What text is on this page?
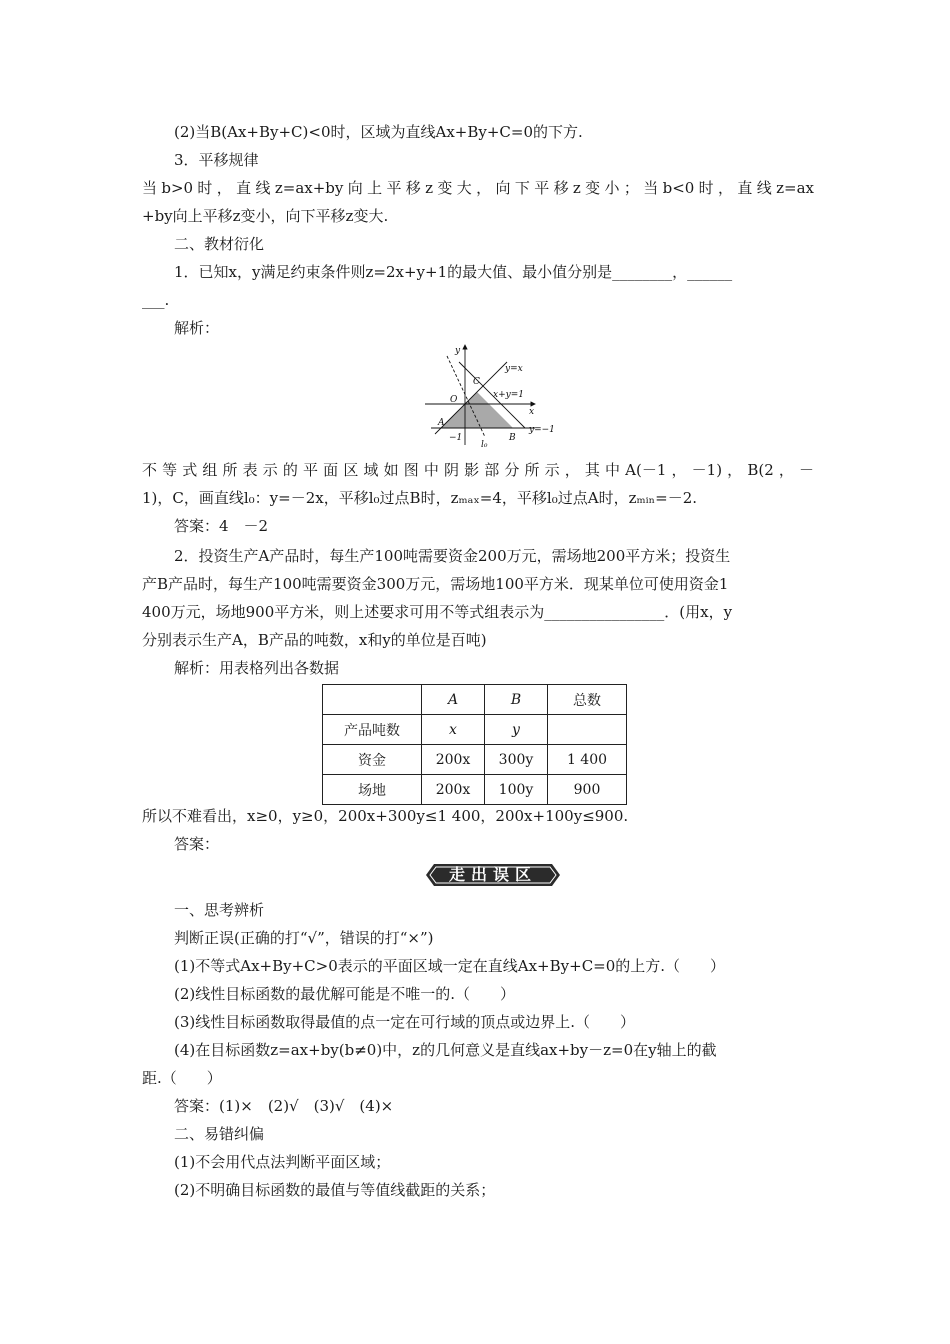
(2)当B(Ax+By+C)<0时，区域为直线Ax+By+C=0的下方.
3．平移规律
当b>0时，直线z=ax+by向上平移z变大，向下平移z变小；当b<0时，直线z=ax
+by向上平移z变小，向下平移z变大.
二、教材衍化
1．已知x，y满足约束条件则z=2x+y+1的最大值、最小值分别是________，______
___.
解析：
y
x
O
C
A
B
−1
l₀
y=x
x+y=1
y=−1
不等式组所表示的平面区域如图中阴影部分所示，其中A(－1，－1)，B(2，－
1)，C，画直线l₀：y=－2x，平移l₀过点B时，zₘₐₓ=4，平移l₀过点A时，zₘᵢₙ=－2.
答案：4　－2
2．投资生产A产品时，每生产100吨需要资金200万元，需场地200平方米；投资生
产B产品时，每生产100吨需要资金300万元，需场地100平方米．现某单位可使用资金1
400万元，场地900平方米，则上述要求可用不等式组表示为________________．(用x，y
分别表示生产A，B产品的吨数，x和y的单位是百吨)
解析：用表格列出各数据
	A	B	总数
产品吨数	x	y	
资金	200x	300y	1 400
场地	200x	100y	900
所以不难看出，x≥0，y≥0，200x+300y≤1 400，200x+100y≤900.
答案：
走出误区
一、思考辨析
判断正误(正确的打“√”，错误的打“×”)
(1)不等式Ax+By+C>0表示的平面区域一定在直线Ax+By+C=0的上方.（　　）
(2)线性目标函数的最优解可能是不唯一的.（　　）
(3)线性目标函数取得最值的点一定在可行域的顶点或边界上.（　　）
(4)在目标函数z=ax+by(b≠0)中，z的几何意义是直线ax+by－z=0在y轴上的截
距.（　　）
答案：(1)×　(2)√　(3)√　(4)×
二、易错纠偏
(1)不会用代点法判断平面区域；
(2)不明确目标函数的最值与等值线截距的关系；
